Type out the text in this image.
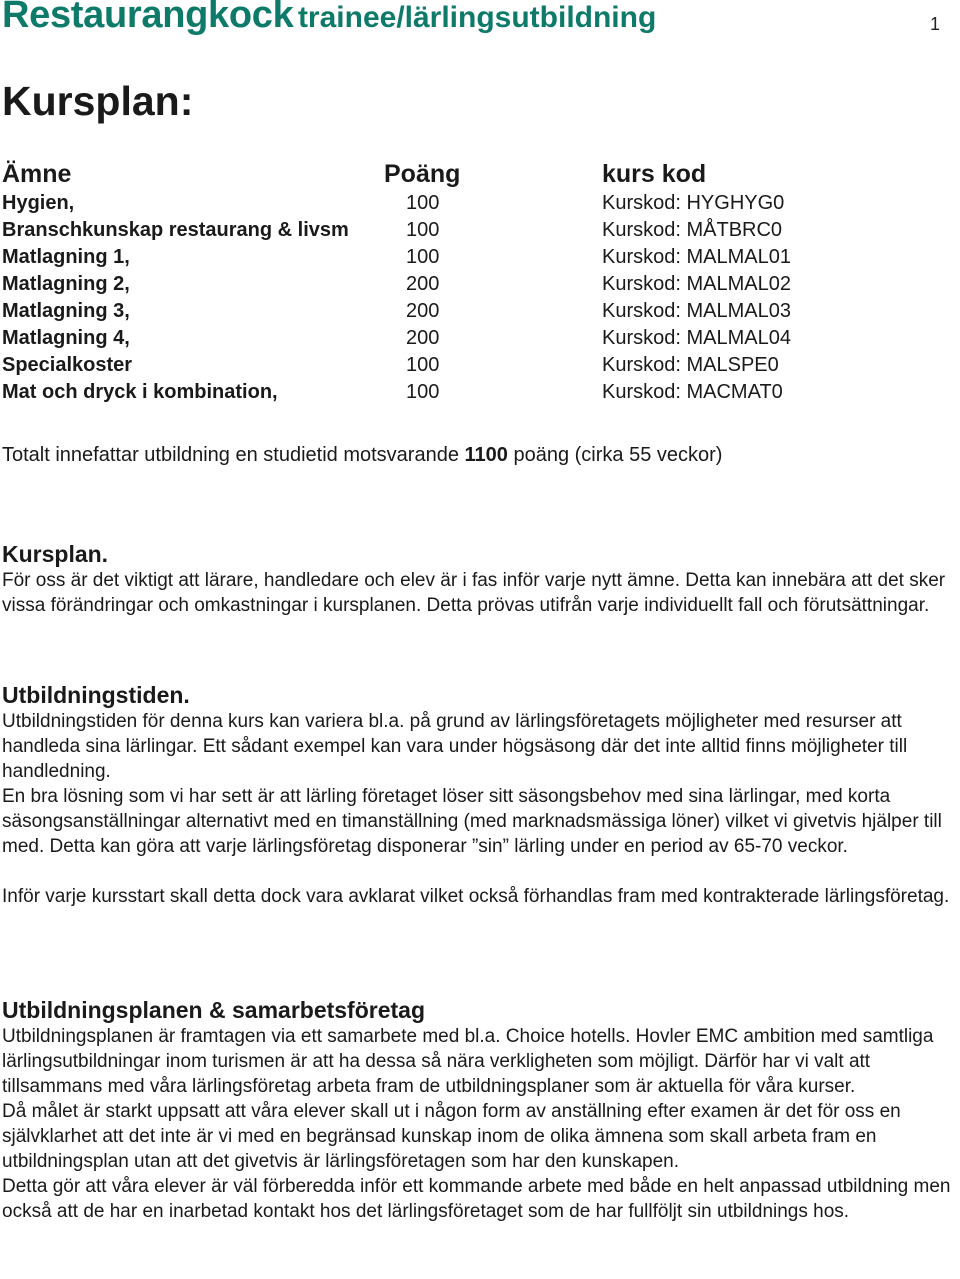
Restaurangkock trainee/lärlingsutbildning	1
Kursplan:
Ämne	Poäng	kurs kod
Hygien,	100	Kurskod: HYGHYG0
Branschkunskap restaurang & livsm	100	Kurskod: MÅTBRC0
Matlagning 1,	100	Kurskod: MALMAL01
Matlagning 2,	200	Kurskod: MALMAL02
Matlagning 3,	200	Kurskod: MALMAL03
Matlagning 4,	200	Kurskod: MALMAL04
Specialkoster	100	Kurskod: MALSPE0
Mat och dryck i kombination,	100	Kurskod: MACMAT0
Totalt innefattar utbildning en studietid motsvarande 1100 poäng (cirka 55 veckor)
Kursplan.

För oss är det viktigt att lärare, handledare och elev är i fas inför varje nytt ämne. Detta kan innebära att det sker vissa förändringar och omkastningar i kursplanen. Detta prövas utifrån varje individuellt fall och förutsättningar.

Utbildningstiden.

Utbildningstiden för denna kurs kan variera bl.a. på grund av lärlingsföretagets möjligheter med resurser att handleda sina lärlingar. Ett sådant exempel kan vara under högsäsong där det inte alltid finns möjligheter till handledning.

En bra lösning som vi har sett är att lärling företaget löser sitt säsongsbehov med sina lärlingar, med korta säsongsanställningar alternativt med en timanställning (med marknadsmässiga löner) vilket vi givetvis hjälper till med. Detta kan göra att varje lärlingsföretag disponerar ”sin” lärling under en period av 65-70 veckor.

Inför varje kursstart skall detta dock vara avklarat vilket också förhandlas fram med kontrakterade lärlingsföretag.

Utbildningsplanen & samarbetsföretag

Utbildningsplanen är framtagen via ett samarbete med bl.a. Choice hotells. Hovler EMC ambition med samtliga lärlingsutbildningar inom turismen är att ha dessa så nära verkligheten som möjligt. Därför har vi valt att tillsammans med våra lärlingsföretag arbeta fram de utbildningsplaner som är aktuella för våra kurser.

Då målet är starkt uppsatt att våra elever skall ut i någon form av anställning efter examen är det för oss en självklarhet att det inte är vi med en begränsad kunskap inom de olika ämnena som skall arbeta fram en utbildningsplan utan att det givetvis är lärlingsföretagen som har den kunskapen.

Detta gör att våra elever är väl förberedda inför ett kommande arbete med både en helt anpassad utbildning men också att de har en inarbetad kontakt hos det lärlingsföretaget som de har fullföljt sin utbildnings hos.
